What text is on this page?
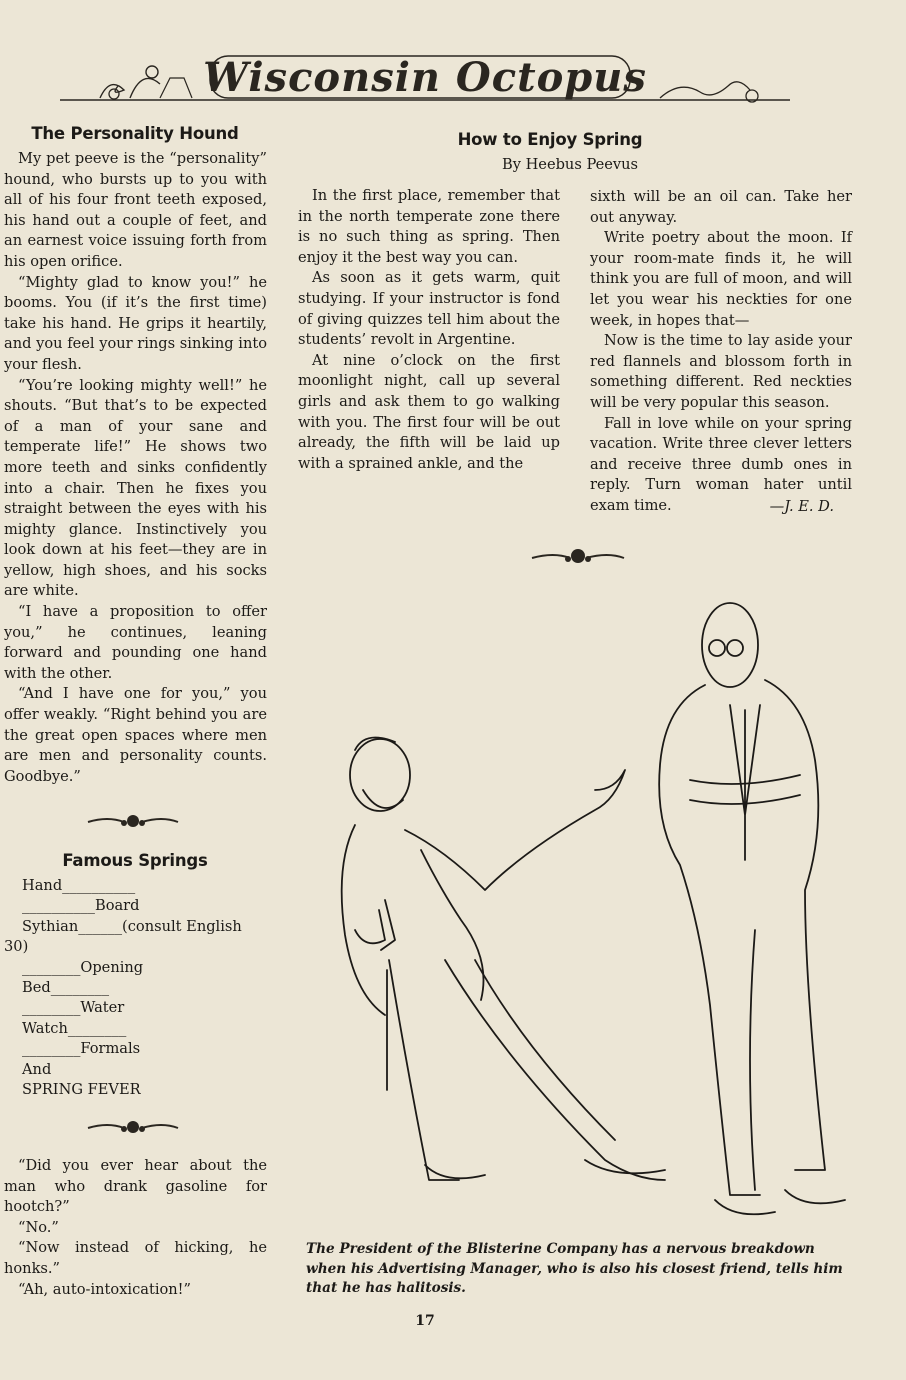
Wisconsin Octopus
The Personality Hound

My pet peeve is the “personality” hound, who bursts up to you with all of his four front teeth exposed, his hand out a couple of feet, and an earnest voice issuing forth from his open orifice.

“Mighty glad to know you!” he booms. You (if it’s the first time) take his hand. He grips it heartily, and you feel your rings sinking into your flesh.

“You’re looking mighty well!” he shouts. “But that’s to be expected of a man of your sane and temperate life!” He shows two more teeth and sinks confidently into a chair. Then he fixes you straight between the eyes with his mighty glance. Instinctively you look down at his feet—they are in yellow, high shoes, and his socks are white.

“I have a proposition to offer you,” he continues, leaning forward and pounding one hand with the other.

“And I have one for you,” you offer weakly. “Right behind you are the great open spaces where men are men and personality counts. Goodbye.”

Famous Springs
Hand__________
__________Board
Sythian______(consult English
30)
________Opening
Bed________
________Water
Watch________
________Formals
And
SPRING FEVER

“Did you ever hear about the man who drank gasoline for hootch?”

“No.”

“Now instead of hicking, he honks.”

“Ah, auto-intoxication!”

How to Enjoy Spring
By Heebus Peevus

In the first place, remember that in the north temperate zone there is no such thing as spring. Then enjoy it the best way you can.

As soon as it gets warm, quit studying. If your instructor is fond of giving quizzes tell him about the students’ revolt in Argentine.

At nine o’clock on the first moonlight night, call up several girls and ask them to go walking with you. The first four will be out already, the fifth will be laid up with a sprained ankle, and the

sixth will be an oil can. Take her out anyway.

Write poetry about the moon. If your room-mate finds it, he will think you are full of moon, and will let you wear his neckties for one week, in hopes that—

Now is the time to lay aside your red flannels and blossom forth in something different. Red neckties will be very popular this season.

Fall in love while on your spring vacation. Write three clever letters and receive three dumb ones in reply. Turn woman hater until exam time.	—J. E. D.
The President of the Blisterine Company has a nervous breakdown when his Advertising Manager, who is also his closest friend, tells him that he has halitosis.
17
